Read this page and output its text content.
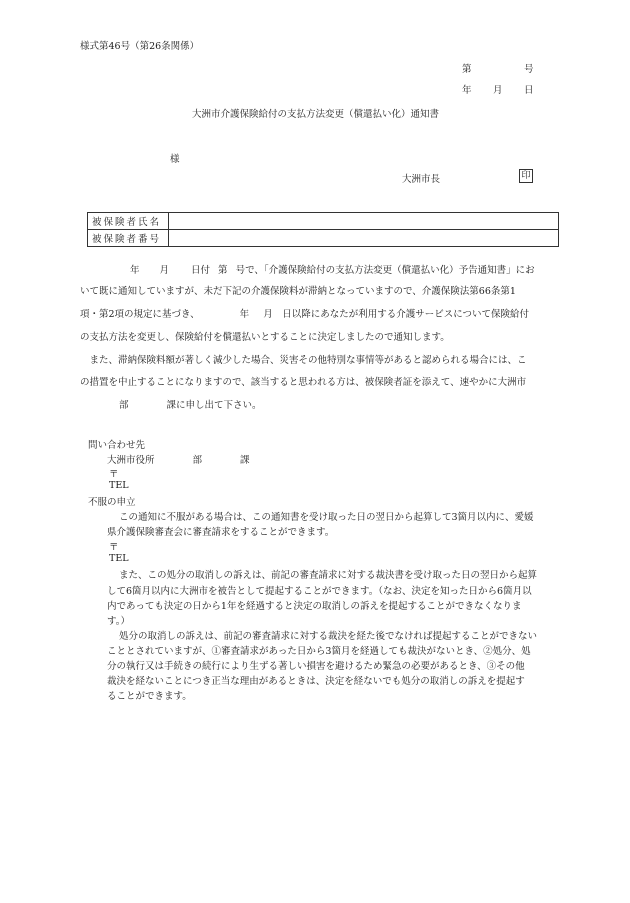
様式第46号（第26条関係）
第	号
年 月 日
大洲市介護保険給付の支払方法変更（償還払い化）通知書
様
大洲市長	印
被保険者氏名	
被保険者番号	
年 月 日付 第 号で、「介護保険給付の支払方法変更（償還払い化）予告通知書」にお
いて既に通知していますが、未だ下記の介護保険料が滞納となっていますので、介護保険法第66条第1
項・第2項の規定に基づき、	年 月　日以降にあなたが利用する介護サービスについて保険給付
の支払方法を変更し、保険給付を償還払いとすることに決定しましたので通知します。
　また、滞納保険料額が著しく減少した場合、災害その他特別な事情等があると認められる場合には、こ
の措置を中止することになりますので、該当すると思われる方は、被保険者証を添えて、速やかに大洲市
部	課に申し出て下さい。
問い合わせ先
大洲市役所	部	課
〒
TEL
不服の申立
この通知に不服がある場合は、この通知書を受け取った日の翌日から起算して3箇月以内に、愛媛
県介護保険審査会に審査請求をすることができます。
〒
TEL
また、この処分の取消しの訴えは、前記の審査請求に対する裁決書を受け取った日の翌日から起算
して6箇月以内に大洲市を被告として提起することができます。（なお、決定を知った日から6箇月以
内であっても決定の日から1年を経過すると決定の取消しの訴えを提起することができなくなりま
す。）
処分の取消しの訴えは、前記の審査請求に対する裁決を経た後でなければ提起することができない
こととされていますが、①審査請求があった日から3箇月を経過しても裁決がないとき、②処分、処
分の執行又は手続きの続行により生ずる著しい損害を避けるため緊急の必要があるとき、③その他
裁決を経ないことにつき正当な理由があるときは、決定を経ないでも処分の取消しの訴えを提起す
ることができます。
